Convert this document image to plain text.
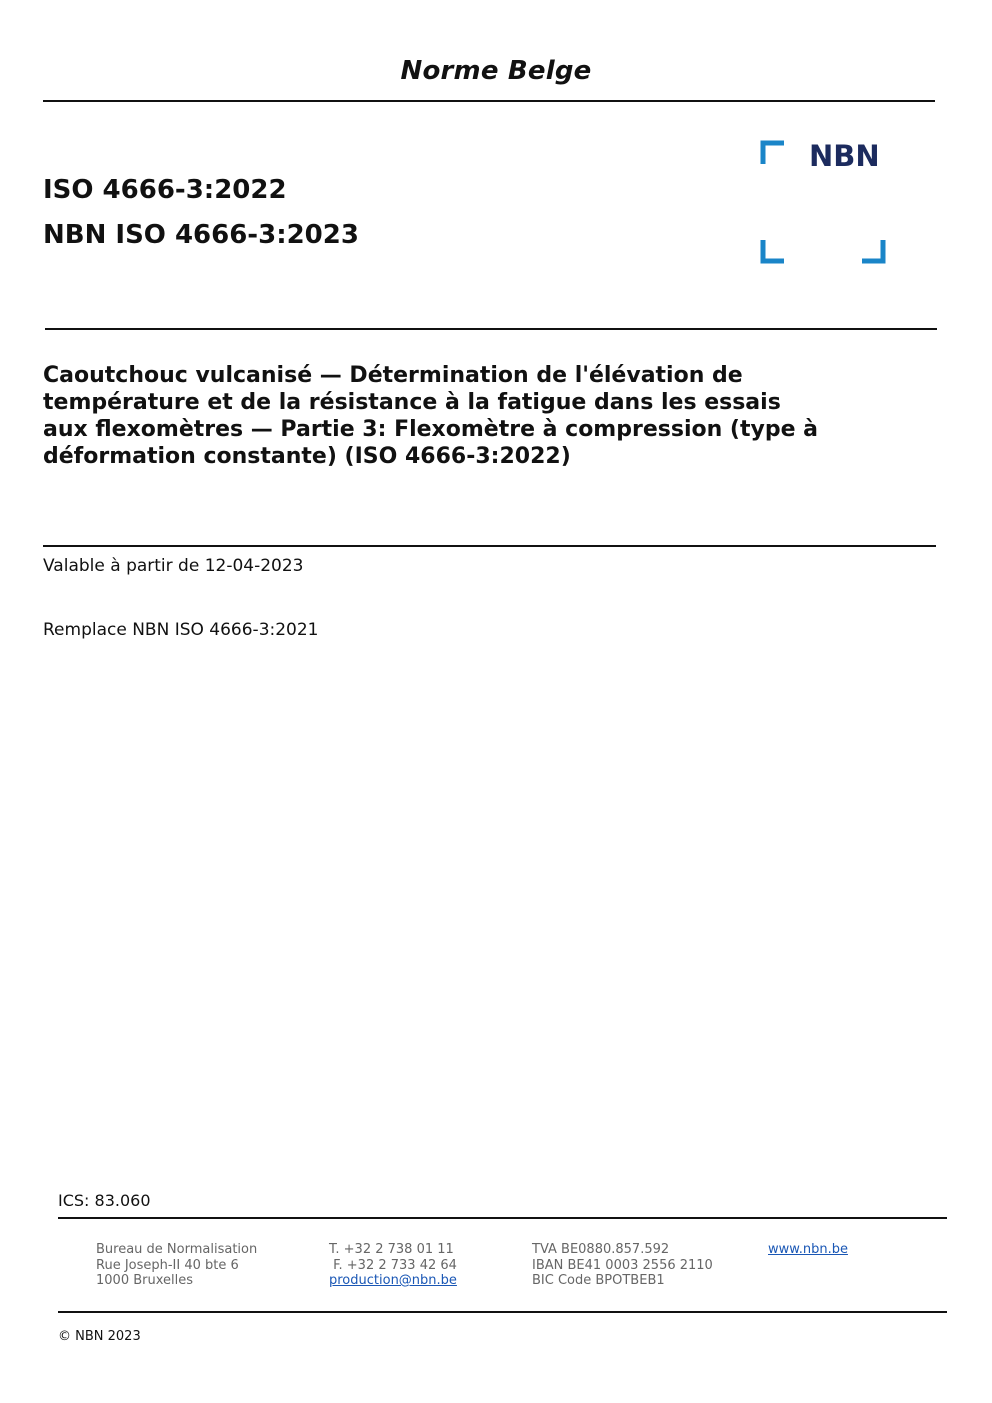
Norme Belge
ISO 4666-3:2022
NBN ISO 4666-3:2023
NBN
Caoutchouc vulcanisé — Détermination de l'élévation de
température et de la résistance à la fatigue dans les essais
aux flexomètres — Partie 3: Flexomètre à compression (type à
déformation constante) (ISO 4666-3:2022)
Valable à partir de 12-04-2023
Remplace NBN ISO 4666-3:2021
ICS: 83.060
Bureau de Normalisation
Rue Joseph-II 40 bte 6
1000 Bruxelles
T. +32 2 738 01 11
F. +32 2 733 42 64
production@nbn.be
TVA BE0880.857.592
IBAN BE41 0003 2556 2110
BIC Code BPOTBEB1
www.nbn.be
© NBN 2023
